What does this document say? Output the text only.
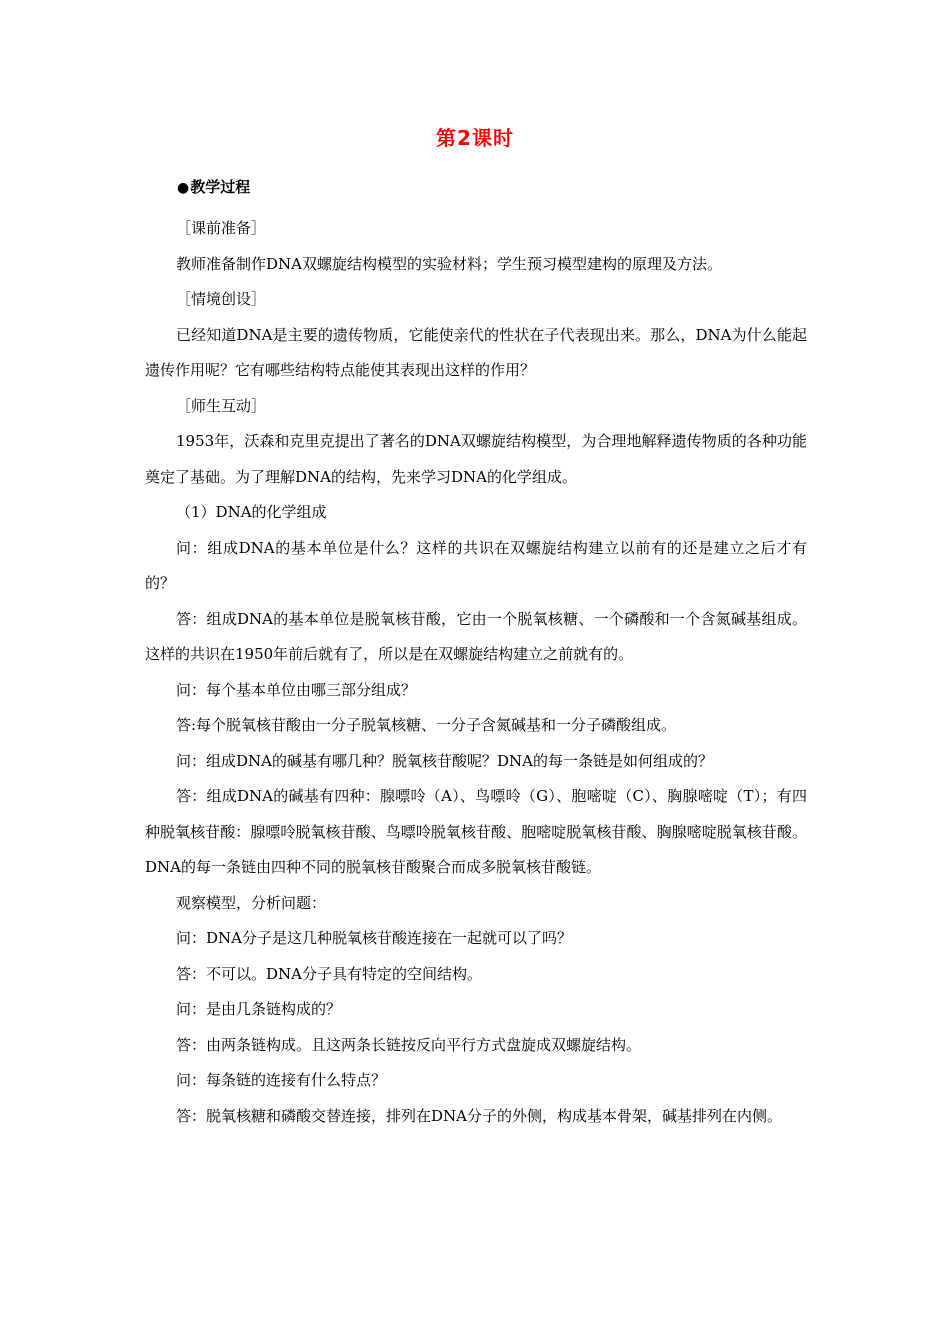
第2课时
●教学过程

［课前准备］

教师准备制作DNA双螺旋结构模型的实验材料；学生预习模型建构的原理及方法。

［情境创设］

已经知道DNA是主要的遗传物质，它能使亲代的性状在子代表现出来。那么，DNA为什么能起遗传作用呢？它有哪些结构特点能使其表现出这样的作用？

［师生互动］

1953年，沃森和克里克提出了著名的DNA双螺旋结构模型，为合理地解释遗传物质的各种功能奠定了基础。为了理解DNA的结构，先来学习DNA的化学组成。

（1）DNA的化学组成

问：组成DNA的基本单位是什么？这样的共识在双螺旋结构建立以前有的还是建立之后才有的？

答：组成DNA的基本单位是脱氧核苷酸，它由一个脱氧核糖、一个磷酸和一个含氮碱基组成。这样的共识在1950年前后就有了，所以是在双螺旋结构建立之前就有的。

问：每个基本单位由哪三部分组成？

答:每个脱氧核苷酸由一分子脱氧核糖、一分子含氮碱基和一分子磷酸组成。

问：组成DNA的碱基有哪几种？脱氧核苷酸呢？DNA的每一条链是如何组成的？

答：组成DNA的碱基有四种：腺嘌呤（A）、鸟嘌呤（G）、胞嘧啶（C）、胸腺嘧啶（T）；有四种脱氧核苷酸：腺嘌呤脱氧核苷酸、鸟嘌呤脱氧核苷酸、胞嘧啶脱氧核苷酸、胸腺嘧啶脱氧核苷酸。DNA的每一条链由四种不同的脱氧核苷酸聚合而成多脱氧核苷酸链。

观察模型，分析问题：

问：DNA分子是这几种脱氧核苷酸连接在一起就可以了吗？

答：不可以。DNA分子具有特定的空间结构。

问：是由几条链构成的？

答：由两条链构成。且这两条长链按反向平行方式盘旋成双螺旋结构。

问：每条链的连接有什么特点？

答：脱氧核糖和磷酸交替连接，排列在DNA分子的外侧，构成基本骨架，碱基排列在内侧。
